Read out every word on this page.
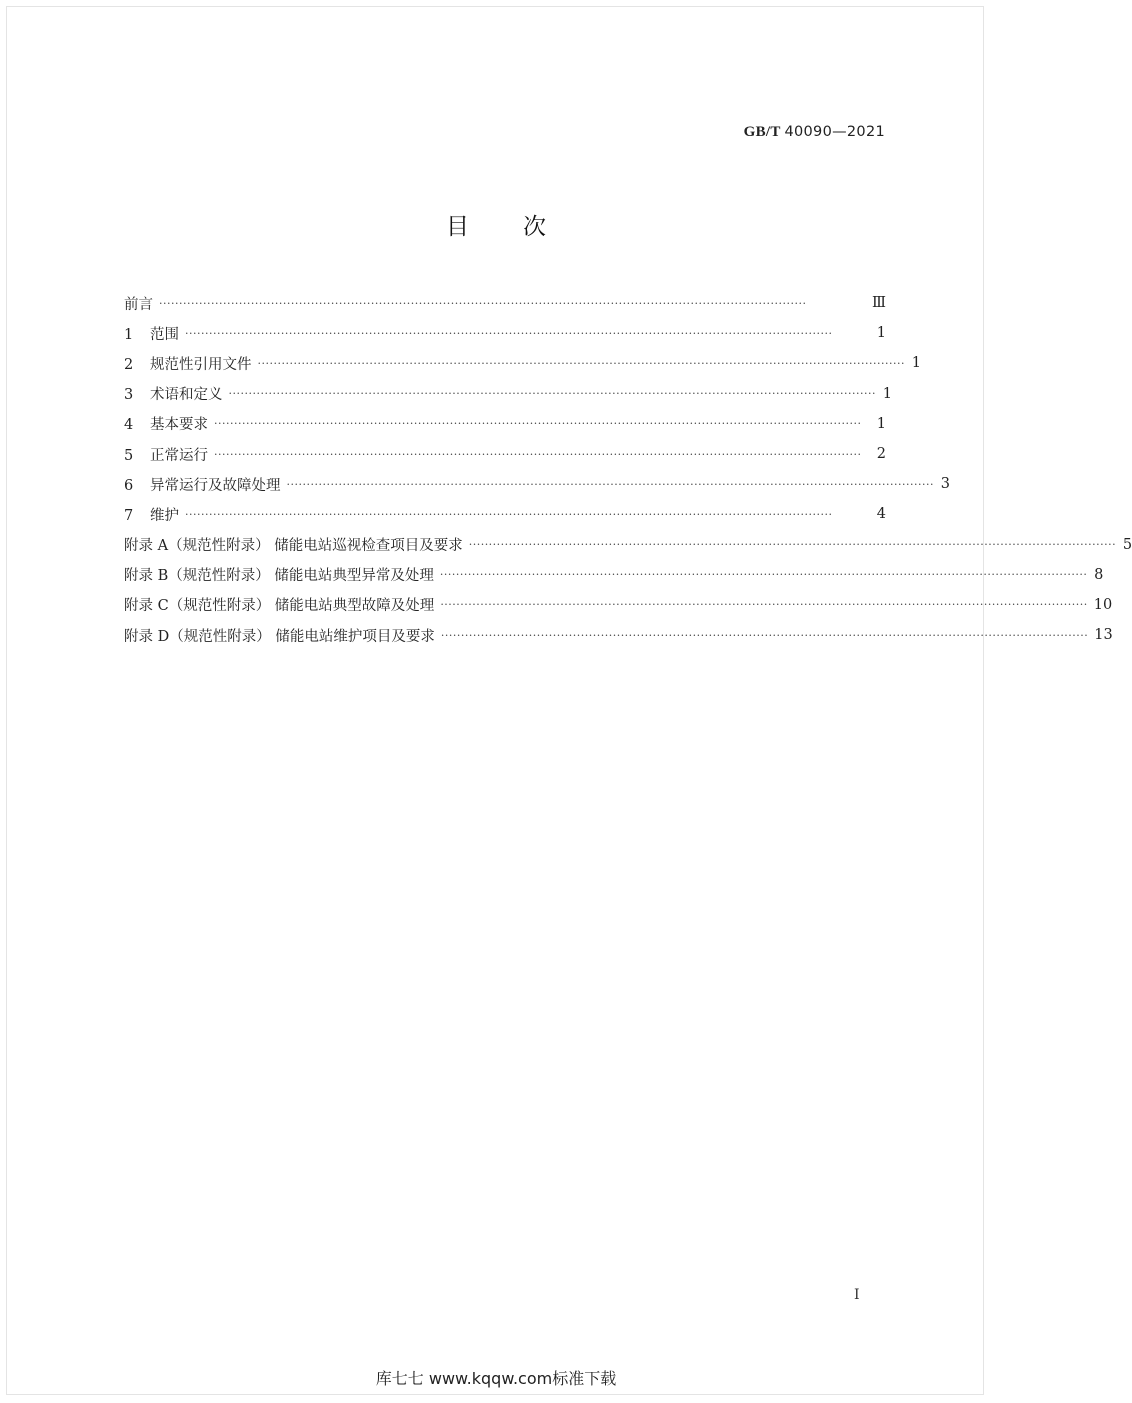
GB/T 40090—2021
目 次
前言 ··································································································································································	Ⅲ
1 范围 ··································································································································································	1
2 规范性引用文件 ·································································································································································· 1
3 术语和定义 ·································································································································································· 1
4 基本要求 ··································································································································································	1
5 正常运行 ··································································································································································	2
6 异常运行及故障处理 ·································································································································································· 3
7 维护 ··································································································································································	4
附录 A（规范性附录） 储能电站巡视检查项目及要求 ·································································································································································· 5
附录 B（规范性附录） 储能电站典型异常及处理 ·································································································································································· 8
附录 C（规范性附录） 储能电站典型故障及处理 ·································································································································································· 10
附录 D（规范性附录） 储能电站维护项目及要求 ·································································································································································· 13
I
库七七 www.kqqw.com标准下载
